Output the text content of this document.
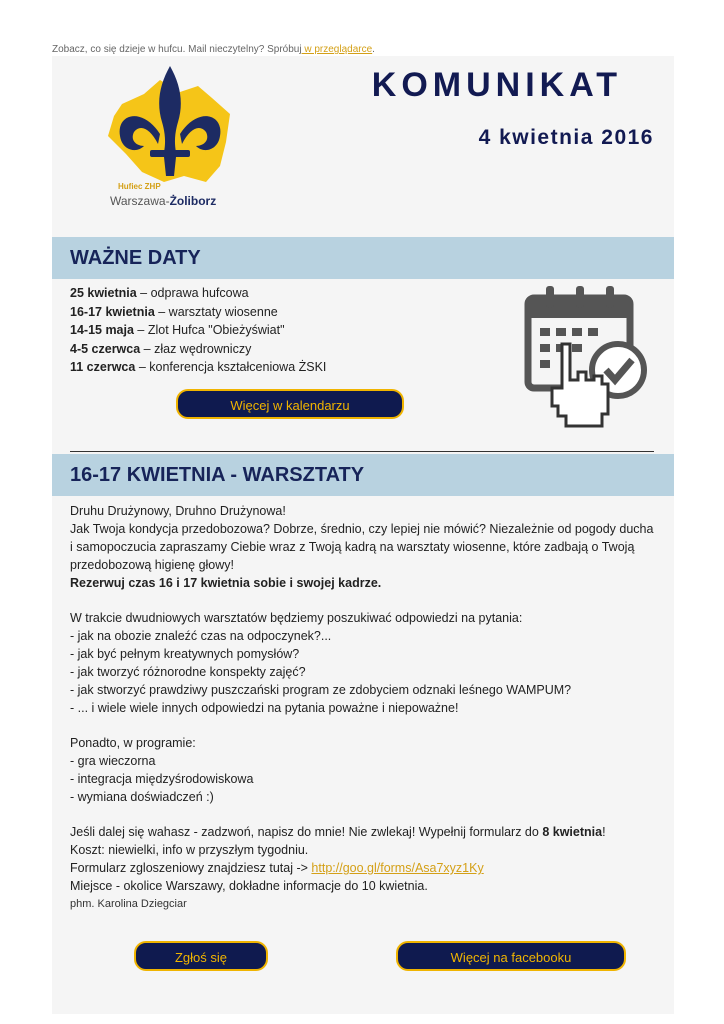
Zobacz, co się dzieje w hufcu. Mail nieczytelny? Spróbuj w przeglądarce.
Hufiec ZHP
Warszawa-Żoliborz
KOMUNIKAT
4 kwietnia 2016
WAŻNE DATY
25 kwietnia – odprawa hufcowa
16-17 kwietnia – warsztaty wiosenne
14-15 maja – Zlot Hufca "Obieżyświat"
4-5 czerwca – złaz wędrowniczy
11 czerwca – konferencja kształceniowa ŻSKI
Więcej w kalendarzu
16-17 KWIETNIA - WARSZTATY

Druhu Drużynowy, Druhno Drużynowa!

Jak Twoja kondycja przedobozowa? Dobrze, średnio, czy lepiej nie mówić? Niezależnie od pogody ducha i samopoczucia zapraszamy Ciebie wraz z Twoją kadrą na warsztaty wiosenne, które zadbają o Twoją przedobozową higienę głowy!

Rezerwuj czas 16 i 17 kwietnia sobie i swojej kadrze.

W trakcie dwudniowych warsztatów będziemy poszukiwać odpowiedzi na pytania:

- jak na obozie znaleźć czas na odpoczynek?...

- jak być pełnym kreatywnych pomysłów?

- jak tworzyć różnorodne konspekty zajęć?

- jak stworzyć prawdziwy puszczański program ze zdobyciem odznaki leśnego WAMPUM?

- ... i wiele wiele innych odpowiedzi na pytania poważne i niepoważne!

Ponadto, w programie:

- gra wieczorna

- integracja międzyśrodowiskowa

- wymiana doświadczeń :)

Jeśli dalej się wahasz - zadzwoń, napisz do mnie! Nie zwlekaj! Wypełnij formularz do 8 kwietnia!

Koszt: niewielki, info w przyszłym tygodniu.

Formularz zgloszeniowy znajdziesz tutaj -> http://goo.gl/forms/Asa7xyz1Ky

Miejsce - okolice Warszawy, dokładne informacje do 10 kwietnia.

phm. Karolina Dziegciar
Zgłoś się	Więcej na facebooku
